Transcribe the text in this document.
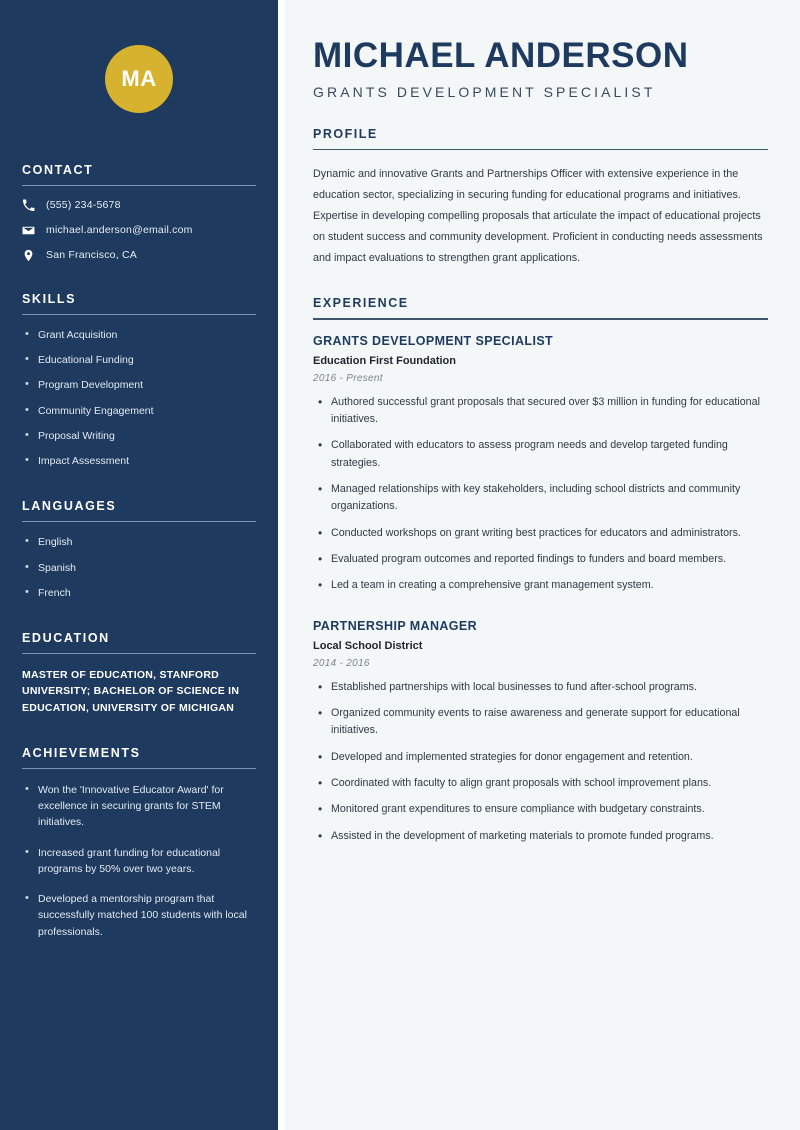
MA
CONTACT
(555) 234-5678
michael.anderson@email.com
San Francisco, CA
SKILLS
• Grant Acquisition
• Educational Funding
• Program Development
• Community Engagement
• Proposal Writing
• Impact Assessment
LANGUAGES
• English
• Spanish
• French
EDUCATION
MASTER OF EDUCATION, STANFORD UNIVERSITY; BACHELOR OF SCIENCE IN EDUCATION, UNIVERSITY OF MICHIGAN
ACHIEVEMENTS
• Won the 'Innovative Educator Award' for excellence in securing grants for STEM initiatives.
• Increased grant funding for educational programs by 50% over two years.
• Developed a mentorship program that successfully matched 100 students with local professionals.
MICHAEL ANDERSON
GRANTS DEVELOPMENT SPECIALIST
PROFILE

Dynamic and innovative Grants and Partnerships Officer with extensive experience in the education sector, specializing in securing funding for educational programs and initiatives. Expertise in developing compelling proposals that articulate the impact of educational projects on student success and community development. Proficient in conducting needs assessments and impact evaluations to strengthen grant applications.

EXPERIENCE
GRANTS DEVELOPMENT SPECIALIST
Education First Foundation
2016 - Present
• Authored successful grant proposals that secured over $3 million in funding for educational initiatives.
• Collaborated with educators to assess program needs and develop targeted funding strategies.
• Managed relationships with key stakeholders, including school districts and community organizations.
• Conducted workshops on grant writing best practices for educators and administrators.
• Evaluated program outcomes and reported findings to funders and board members.
• Led a team in creating a comprehensive grant management system.
PARTNERSHIP MANAGER
Local School District
2014 - 2016
• Established partnerships with local businesses to fund after-school programs.
• Organized community events to raise awareness and generate support for educational initiatives.
• Developed and implemented strategies for donor engagement and retention.
• Coordinated with faculty to align grant proposals with school improvement plans.
• Monitored grant expenditures to ensure compliance with budgetary constraints.
• Assisted in the development of marketing materials to promote funded programs.
